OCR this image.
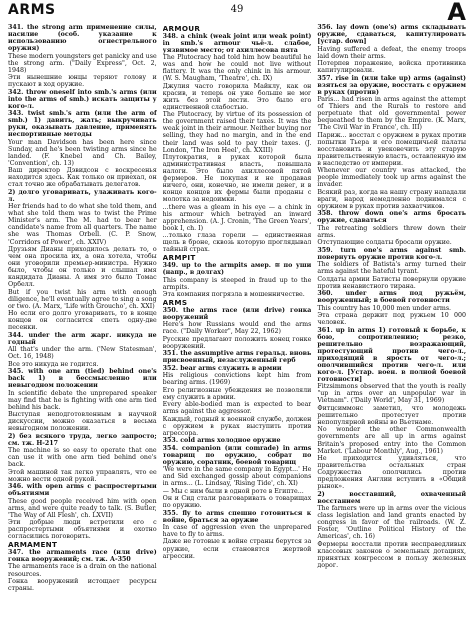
ARMS	49	A

341. the strong arm применение силы, насилие (особ. указание к использованию огнестрельного оружия)

These modern youngsters get panicky and use the strong arm. ("Daily Express", Oct. 2, 1948)

Эти нынешние юнцы теряют голову и пускают в ход оружие.

342. throw oneself into smb.'s arms (или into the arms of smb.) искать защиты у кого-л.

343. twist smb.'s arm (или the arm of smb.) 1) давить, жать; выкручивать руки, оказывать давление, применять неспортивные методы

Your man Davidson has been here since Sunday, and he's been twisting arms since he landed. (F. Knebel and Ch. Bailey, 'Convention', ch. 13)

Ваш директор Дэвидсон с воскресенья находится здесь. Как только он приехал, он стал точно же обрабатывать делегатов.

2) долго уговаривать, улаживать кого-л.

Her friends had to do what she told them, and what she told them was to twist the Prime Minister's arm. The M. had to bear her candidate's name from all quarters. The name she was Thomas Orbell. (C. P. Snow, 'Corridors of Power', ch. XXIV)

Друзьям Дианы приходилось делать то, о чем она просила их, а она хотела, чтобы они уговорили премьер-министра. Нужно было, чтобы он только и слышал имя кандидата Дианы. А имя это было Томас Орбелл.

But if you twist his arm with enough diligence, he'll eventually agree to sing a song or two. (A. Marx, 'Life with Groucho', ch. XXI)

Но если его долго уговаривать, то в конце концов он согласится спеть одну-две песенки.

344. under the arm жарг. никуда не годный

All that's under the arm. ('New Statesman', Oct. 16, 1948)

Все это никуда не годится.

345. with one arm (tied) behind one's back 1) в бессмысленно или невыгодном положении

In scientific debate the unprepared speaker may find that he is fighting with one arm tied behind his back.

Выступая неподготовленным в научной дискуссии, можно оказаться в весьма невыгодном положении.

2) без всякого труда, легко запросто; см. тж. Н-217

The machine is so easy to operate that one can use it with one arm tied behind one's back.

Этой машиной так легко управлять, что ее можно вести одной рукой.

346. with open arms с распростертыми объятиями

These good people received him with open arms, and were quite ready to talk. (S. Butler, 'The Way of All Flesh', ch. LXVII)

Эти добрые люди встретили его с распростертыми объятиями и охотно согласились поговорить.

ARMAMENT

347. the armaments race (или drive) гонка вооружений; см. тж. А-350

The armaments race is a drain on the national resources.

Гонка вооружений истощает ресурсы страны.

ARMOUR

348. a chink (weak joint или weak point) in smb.'s armour чьё-л. слабое, уязвимое место; от ахиллесова пята

The Plutocracy had told him how beautiful he was and how he could not live without flattery. It was the only chink in his armour. (W. S. Maugham, 'Theatre', ch. IX)

Джулия часто говорила Майклу, как он красив, и теперь он уже больше не мог жить без этой лести. Это было его единственной слабостью.

The Plutocracy, by virtue of its possession of the government raised their taxes. It was the weak joint in their armour. Neither buying nor selling, they had no margin, and in the end their land was sold to pay their taxes. (J. London, 'The Iron Heel', ch. XXIII)

Плутократия, в руках которой была административная власть, повышала налоги. Это было ахиллесовой пятой фермеров. Не покупая и не продавая ничего, они, конечно, не имели денег, и в конце концов их фермы были проданы с молотка за недоимки.

...there was a gleam in his eye — a chink in his armour which betrayed an inward apprehension. (A. J. Cronin, 'The Green Years', book I, ch. I)

...только глаза горели — единственная щель в броне, сквозь которую проглядывал тайный страх.

ARMPIT

349. up to the armpits амер. ≅ по уши (напр., в долгах)

This company is steeped in fraud up to the armpits.

Эта компания погрязла в мошенничестве.

ARMS

350. the arms race (или drive) гонка вооружений

Here's how Russians would end the arms race. ("Daily Worker", May 22, 1962)

Русские предлагают положить конец гонке вооружений.

351. the assumptive arms геральд. вновь присвоенный, незаслуженный герб

352. bear arms служить в армии

His religious convictions kept him from bearing arms. (1969)

Его религиозные убеждения не позволяли ему служить в армии.

Every able-bodied man is expected to bear arms against the aggressor.

Каждый, годный к военной службе, должен с оружием в руках выступить против агрессора.

353. cold arms холодное оружие

354. companion (или comrade) in arms товарищ по оружию, собрат по оружию, соратник, боевой товарищ

'We were in the same company in Egypt...' He and Sid exchanged gossip about companions in arms... (L. Lindsay, 'Rising Tide', ch. XI)

— Мы с ним были в одной роте в Египте...

Он и Сид стали разговаривать о товарищах по оружию.

355. fly to arms спешно готовиться к войне, браться за оружие

In case of aggression even the unprepared have to fly to arms.

Даже не готовые к войне страны берутся за оружие, если становятся жертвой агрессии.

356. lay down (one's) arms складывать оружие, сдаваться, капитулировать [устар. down]

Having suffered a defeat, the enemy troops laid down their arms.

Потерпев поражение, войска противника капитулировали.

357. rise in (или take up) arms (against) взяться за оружие, восстать с оружием в руках (против)

Paris... had risen in arms against the attempt of Thiers and the Rurals to restore and perpetuate that old governmental power bequeathed to them by the Empire. (K. Marx, 'The Civil War in France', ch. III)

Париж... восстал с оружием в руках против попытки Тьера и его помещичьей палаты восстановить и увековечить эту старую правительственную власть, оставленную им в наследство от империи.

Whenever our country was attacked, the people immediately took up arms against the invader.

Всякий раз, когда на нашу страну нападали враги, народ немедленно поднимался с оружием в руках против захватчиков.

358. throw down one's arms бросать оружие, сдаваться

The retreating soldiers threw down their arms.

Отступающие солдаты бросали оружие.

359. turn one's arms against smb. повернуть оружие против кого-л.

The soldiers of Batista's army turned their arms against the hateful tyrant.

Солдаты армии Батисты повернули оружие против ненавистного тирана.

360. under arms под ружьём, вооруженный; в боевой готовности

This country has 10,000 men under arms.

Эта страна держит под ружьем 10 000 человек.

361. up in arms 1) готовый к борьбе, к бою, сопротивлению; резко, решительно возражающий, протестующий против чего-л., приходящий в ярость от чего-л.; ополчившийся против чего-л. или кого-л. [Устар. воен. в полной боевой готовности]

Fitzsimmons observed that the youth is really "up in arms over an unpopular war in Vietnam". ('Daily World', May 31, 1969)

Фитцсиммонс заметил, что молодежь решительно протестует против непопулярной войны во Вьетнаме.

No wonder the other Commonwealth governments are all up in arms against Britain's proposed entry into the Common Market. ('Labour Monthly', Aug., 1961)

Не приходится удивляться, что правительства остальных стран Содружества ополчились против предложения Англии вступить в «Общий рынок».

2) восставший, охваченный восстанием

The farmers were up in arms over the vicious class legislation and land grants enacted by congress in favor of the railroads. (W. Z. Foster, 'Outline Political History of the Americas', ch. 16)

Фермеры восстали против несправедливых классовых законов о земельных дотациях, принятых конгрессом в пользу железных дорог.
